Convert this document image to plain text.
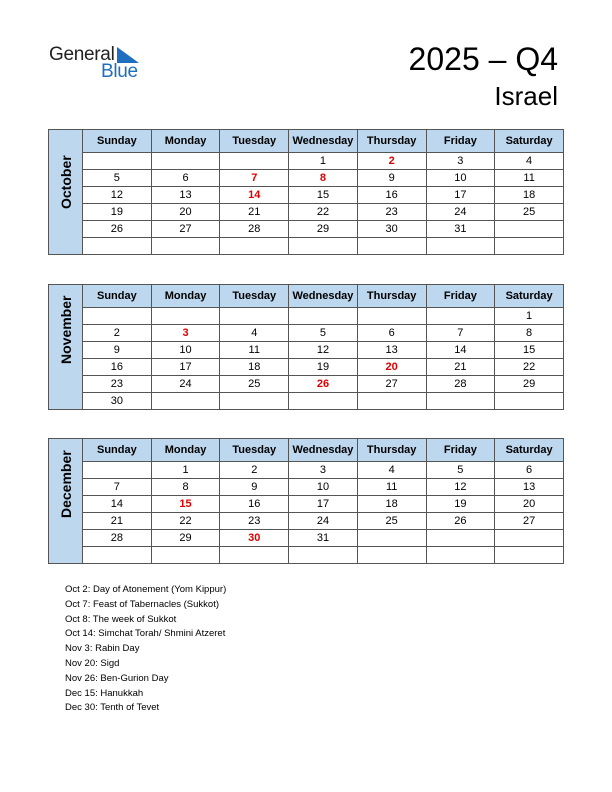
General
Blue	2025 – Q4
Israel
October	Sunday	Monday	Tuesday	Wednesday	Thursday	Friday	Saturday
				1	2	3	4
	5	6	7	8	9	10	11
	12	13	14	15	16	17	18
	19	20	21	22	23	24	25
	26	27	28	29	30	31	

November	Sunday	Monday	Tuesday	Wednesday	Thursday	Friday	Saturday
							1
	2	3	4	5	6	7	8
	9	10	11	12	13	14	15
	16	17	18	19	20	21	22
	23	24	25	26	27	28	29
	30						
December	Sunday	Monday	Tuesday	Wednesday	Thursday	Friday	Saturday
		1	2	3	4	5	6
	7	8	9	10	11	12	13
	14	15	16	17	18	19	20
	21	22	23	24	25	26	27
	28	29	30	31			

Oct 2: Day of Atonement (Yom Kippur)
Oct 7: Feast of Tabernacles (Sukkot)
Oct 8: The week of Sukkot
Oct 14: Simchat Torah/ Shmini Atzeret
Nov 3: Rabin Day
Nov 20: Sigd
Nov 26: Ben-Gurion Day
Dec 15: Hanukkah
Dec 30: Tenth of Tevet
